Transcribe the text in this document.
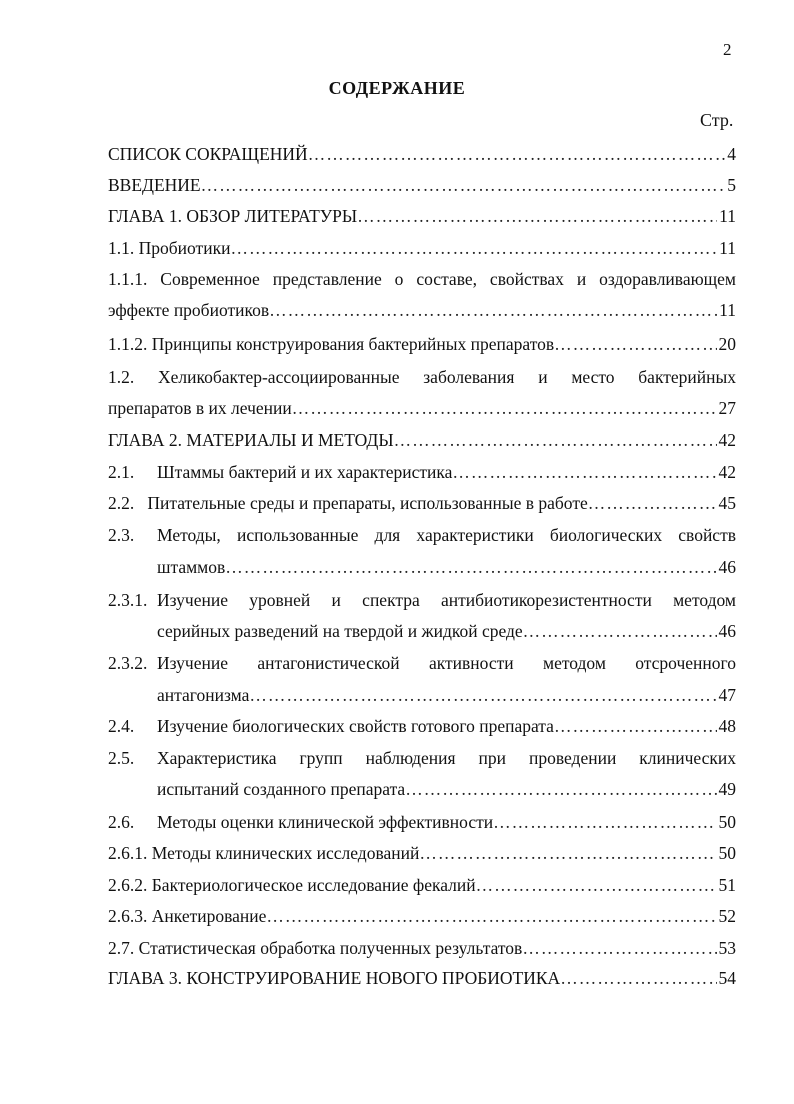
2
СОДЕРЖАНИЕ
Стр.
СПИСОК СОКРАЩЕНИЙ …………………………………………………………………………………………………………………………………………………………………	4
ВВЕДЕНИЕ …………………………………………………………………………………………………………………………………………………………………	5
ГЛАВА 1. ОБЗОР ЛИТЕРАТУРЫ …………………………………………………………………………………………………………………………………………………………………	11
1.1. Пробиотики …………………………………………………………………………………………………………………………………………………………………	11
1.1.1. Современное представление о составе, свойствах и оздоравливающем
эффекте пробиотиков …………………………………………………………………………………………………………………………………………………………………	11
1.1.2. Принципы конструирования бактерийных препаратов …………………………………………………………………………………………………………………………………………………………………	20
1.2. Хеликобактер-ассоциированные заболевания и место бактерийных
препаратов в их лечении …………………………………………………………………………………………………………………………………………………………………	27
ГЛАВА 2. МАТЕРИАЛЫ И МЕТОДЫ …………………………………………………………………………………………………………………………………………………………………	42
2.1. Штаммы бактерий и их характеристика …………………………………………………………………………………………………………………………………………………………………	42
2.2.   Питательные среды и препараты, использованные в работе …………………………………………………………………………………………………………………………………………………………………	45
2.3. Методы, использованные для характеристики биологических свойств
штаммов …………………………………………………………………………………………………………………………………………………………………	46
2.3.1. Изучение уровней и спектра антибиотикорезистентности методом
серийных разведений на твердой и жидкой среде …………………………………………………………………………………………………………………………………………………………………	46
2.3.2. Изучение антагонистической активности методом отсроченного
антагонизма …………………………………………………………………………………………………………………………………………………………………	47
2.4. Изучение биологических свойств готового препарата …………………………………………………………………………………………………………………………………………………………………	48
2.5. Характеристика групп наблюдения при проведении клинических
испытаний созданного препарата …………………………………………………………………………………………………………………………………………………………………	49
2.6. Методы оценки клинической эффективности …………………………………………………………………………………………………………………………………………………………………	50
2.6.1. Методы клинических исследований …………………………………………………………………………………………………………………………………………………………………	50
2.6.2. Бактериологическое исследование фекалий …………………………………………………………………………………………………………………………………………………………………	51
2.6.3. Анкетирование …………………………………………………………………………………………………………………………………………………………………	52
2.7. Статистическая обработка полученных результатов …………………………………………………………………………………………………………………………………………………………………	53
ГЛАВА 3. КОНСТРУИРОВАНИЕ НОВОГО ПРОБИОТИКА …………………………………………………………………………………………………………………………………………………………………	54
